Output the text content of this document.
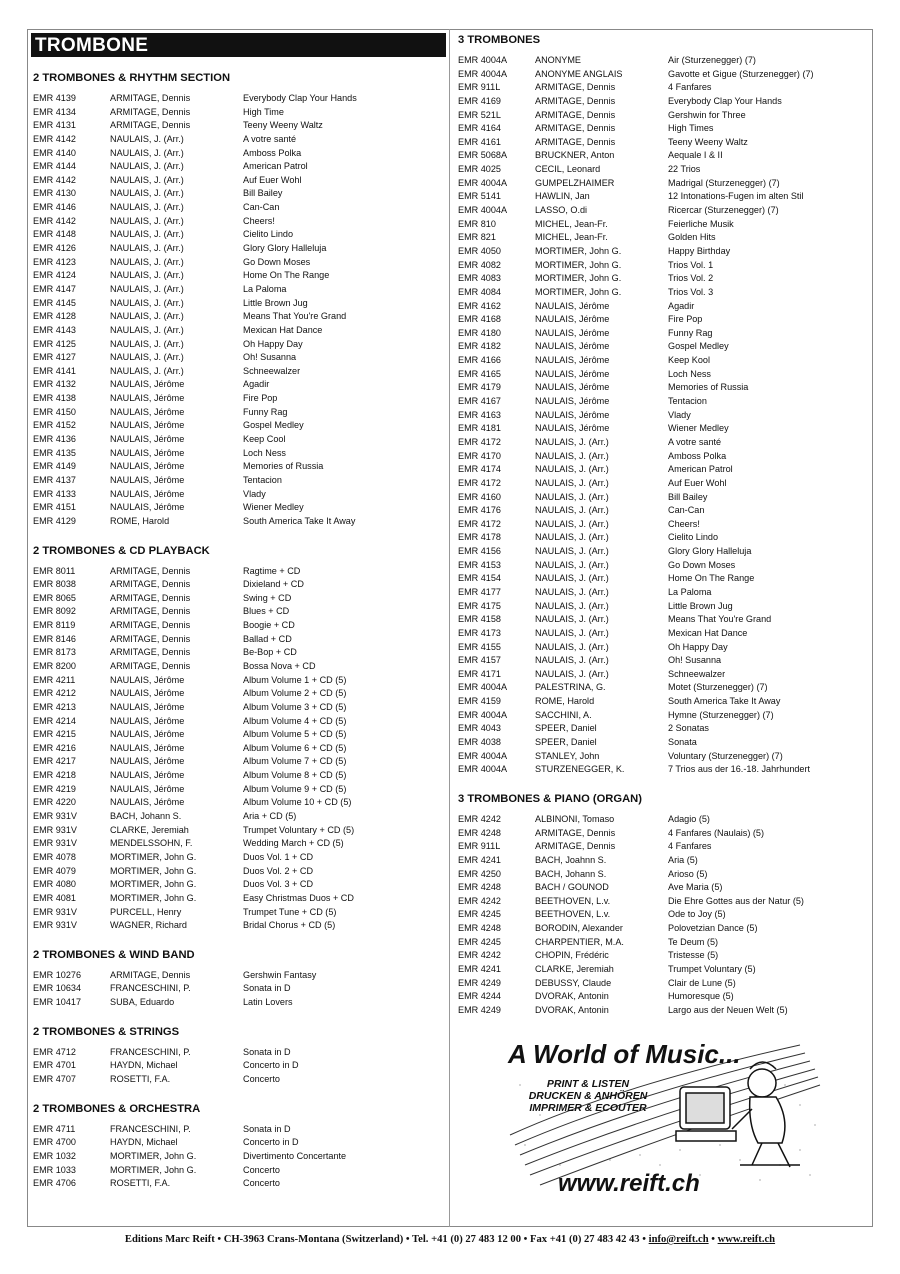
TROMBONE
2 TROMBONES & RHYTHM SECTION
EMR 4139	ARMITAGE, Dennis	Everybody Clap Your Hands
EMR 4134	ARMITAGE, Dennis	High Time
EMR 4131	ARMITAGE, Dennis	Teeny Weeny Waltz
EMR 4142	NAULAIS, J. (Arr.)	A votre santé
EMR 4140	NAULAIS, J. (Arr.)	Amboss Polka
EMR 4144	NAULAIS, J. (Arr.)	American Patrol
EMR 4142	NAULAIS, J. (Arr.)	Auf Euer Wohl
EMR 4130	NAULAIS, J. (Arr.)	Bill Bailey
EMR 4146	NAULAIS, J. (Arr.)	Can-Can
EMR 4142	NAULAIS, J. (Arr.)	Cheers!
EMR 4148	NAULAIS, J. (Arr.)	Cielito Lindo
EMR 4126	NAULAIS, J. (Arr.)	Glory Glory Halleluja
EMR 4123	NAULAIS, J. (Arr.)	Go Down Moses
EMR 4124	NAULAIS, J. (Arr.)	Home On The Range
EMR 4147	NAULAIS, J. (Arr.)	La Paloma
EMR 4145	NAULAIS, J. (Arr.)	Little Brown Jug
EMR 4128	NAULAIS, J. (Arr.)	Means That You're Grand
EMR 4143	NAULAIS, J. (Arr.)	Mexican Hat Dance
EMR 4125	NAULAIS, J. (Arr.)	Oh Happy Day
EMR 4127	NAULAIS, J. (Arr.)	Oh! Susanna
EMR 4141	NAULAIS, J. (Arr.)	Schneewalzer
EMR 4132	NAULAIS, Jérôme	Agadir
EMR 4138	NAULAIS, Jérôme	Fire Pop
EMR 4150	NAULAIS, Jérôme	Funny Rag
EMR 4152	NAULAIS, Jérôme	Gospel Medley
EMR 4136	NAULAIS, Jérôme	Keep Cool
EMR 4135	NAULAIS, Jérôme	Loch Ness
EMR 4149	NAULAIS, Jérôme	Memories of Russia
EMR 4137	NAULAIS, Jérôme	Tentacion
EMR 4133	NAULAIS, Jérôme	Vlady
EMR 4151	NAULAIS, Jérôme	Wiener Medley
EMR 4129	ROME, Harold	South America Take It Away
2 TROMBONES & CD PLAYBACK
EMR 8011	ARMITAGE, Dennis	Ragtime + CD
EMR 8038	ARMITAGE, Dennis	Dixieland + CD
EMR 8065	ARMITAGE, Dennis	Swing + CD
EMR 8092	ARMITAGE, Dennis	Blues + CD
EMR 8119	ARMITAGE, Dennis	Boogie + CD
EMR 8146	ARMITAGE, Dennis	Ballad + CD
EMR 8173	ARMITAGE, Dennis	Be-Bop + CD
EMR 8200	ARMITAGE, Dennis	Bossa Nova + CD
EMR 4211	NAULAIS, Jérôme	Album Volume 1 + CD (5)
EMR 4212	NAULAIS, Jérôme	Album Volume 2 + CD (5)
EMR 4213	NAULAIS, Jérôme	Album Volume 3 + CD (5)
EMR 4214	NAULAIS, Jérôme	Album Volume 4 + CD (5)
EMR 4215	NAULAIS, Jérôme	Album Volume 5 + CD (5)
EMR 4216	NAULAIS, Jérôme	Album Volume 6 + CD (5)
EMR 4217	NAULAIS, Jérôme	Album Volume 7 + CD (5)
EMR 4218	NAULAIS, Jérôme	Album Volume 8 + CD (5)
EMR 4219	NAULAIS, Jérôme	Album Volume 9 + CD (5)
EMR 4220	NAULAIS, Jérôme	Album Volume 10 + CD (5)
EMR 931V	BACH, Johann S.	Aria + CD (5)
EMR 931V	CLARKE, Jeremiah	Trumpet Voluntary + CD (5)
EMR 931V	MENDELSSOHN, F.	Wedding March + CD (5)
EMR 4078	MORTIMER, John G.	Duos Vol. 1 + CD
EMR 4079	MORTIMER, John G.	Duos Vol. 2 + CD
EMR 4080	MORTIMER, John G.	Duos Vol. 3 + CD
EMR 4081	MORTIMER, John G.	Easy Christmas Duos + CD
EMR 931V	PURCELL, Henry	Trumpet Tune + CD (5)
EMR 931V	WAGNER, Richard	Bridal Chorus + CD (5)
2 TROMBONES & WIND BAND
EMR 10276	ARMITAGE, Dennis	Gershwin Fantasy
EMR 10634	FRANCESCHINI, P.	Sonata in D
EMR 10417	SUBA, Eduardo	Latin Lovers
2 TROMBONES & STRINGS
EMR 4712	FRANCESCHINI, P.	Sonata in D
EMR 4701	HAYDN, Michael	Concerto in D
EMR 4707	ROSETTI, F.A.	Concerto
2 TROMBONES & ORCHESTRA
EMR 4711	FRANCESCHINI, P.	Sonata in D
EMR 4700	HAYDN, Michael	Concerto in D
EMR 1032	MORTIMER, John G.	Divertimento Concertante
EMR 1033	MORTIMER, John G.	Concerto
EMR 4706	ROSETTI, F.A.	Concerto
3 TROMBONES
EMR 4004A	ANONYME	Air (Sturzenegger) (7)
EMR 4004A	ANONYME ANGLAIS	Gavotte et Gigue (Sturzenegger) (7)
EMR 911L	ARMITAGE, Dennis	4 Fanfares
EMR 4169	ARMITAGE, Dennis	Everybody Clap Your Hands
EMR 521L	ARMITAGE, Dennis	Gershwin for Three
EMR 4164	ARMITAGE, Dennis	High Times
EMR 4161	ARMITAGE, Dennis	Teeny Weeny Waltz
EMR 5068A	BRUCKNER, Anton	Aequale I & II
EMR 4025	CECIL, Leonard	22 Trios
EMR 4004A	GUMPELZHAIMER	Madrigal (Sturzenegger) (7)
EMR 5141	HAWLIN, Jan	12 Intonations-Fugen im alten Stil
EMR 4004A	LASSO, O.di	Ricercar (Sturzenegger) (7)
EMR 810	MICHEL, Jean-Fr.	Feierliche Musik
EMR 821	MICHEL, Jean-Fr.	Golden Hits
EMR 4050	MORTIMER, John G.	Happy Birthday
EMR 4082	MORTIMER, John G.	Trios Vol. 1
EMR 4083	MORTIMER, John G.	Trios Vol. 2
EMR 4084	MORTIMER, John G.	Trios Vol. 3
EMR 4162	NAULAIS, Jérôme	Agadir
EMR 4168	NAULAIS, Jérôme	Fire Pop
EMR 4180	NAULAIS, Jérôme	Funny Rag
EMR 4182	NAULAIS, Jérôme	Gospel Medley
EMR 4166	NAULAIS, Jérôme	Keep Kool
EMR 4165	NAULAIS, Jérôme	Loch Ness
EMR 4179	NAULAIS, Jérôme	Memories of Russia
EMR 4167	NAULAIS, Jérôme	Tentacion
EMR 4163	NAULAIS, Jérôme	Vlady
EMR 4181	NAULAIS, Jérôme	Wiener Medley
EMR 4172	NAULAIS, J. (Arr.)	A votre santé
EMR 4170	NAULAIS, J. (Arr.)	Amboss Polka
EMR 4174	NAULAIS, J. (Arr.)	American Patrol
EMR 4172	NAULAIS, J. (Arr.)	Auf Euer Wohl
EMR 4160	NAULAIS, J. (Arr.)	Bill Bailey
EMR 4176	NAULAIS, J. (Arr.)	Can-Can
EMR 4172	NAULAIS, J. (Arr.)	Cheers!
EMR 4178	NAULAIS, J. (Arr.)	Cielito Lindo
EMR 4156	NAULAIS, J. (Arr.)	Glory Glory Halleluja
EMR 4153	NAULAIS, J. (Arr.)	Go Down Moses
EMR 4154	NAULAIS, J. (Arr.)	Home On The Range
EMR 4177	NAULAIS, J. (Arr.)	La Paloma
EMR 4175	NAULAIS, J. (Arr.)	Little Brown Jug
EMR 4158	NAULAIS, J. (Arr.)	Means That You're Grand
EMR 4173	NAULAIS, J. (Arr.)	Mexican Hat Dance
EMR 4155	NAULAIS, J. (Arr.)	Oh Happy Day
EMR 4157	NAULAIS, J. (Arr.)	Oh! Susanna
EMR 4171	NAULAIS, J. (Arr.)	Schneewalzer
EMR 4004A	PALESTRINA, G.	Motet (Sturzenegger) (7)
EMR 4159	ROME, Harold	South America Take It Away
EMR 4004A	SACCHINI, A.	Hymne (Sturzenegger) (7)
EMR 4043	SPEER, Daniel	2 Sonatas
EMR 4038	SPEER, Daniel	Sonata
EMR 4004A	STANLEY, John	Voluntary (Sturzenegger) (7)
EMR 4004A	STURZENEGGER, K.	7 Trios aus der 16.-18. Jahrhundert
3 TROMBONES & PIANO (ORGAN)
EMR 4242	ALBINONI, Tomaso	Adagio (5)
EMR 4248	ARMITAGE, Dennis	4 Fanfares (Naulais) (5)
EMR 911L	ARMITAGE, Dennis	4 Fanfares
EMR 4241	BACH, Joahnn S.	Aria (5)
EMR 4250	BACH, Johann S.	Arioso (5)
EMR 4248	BACH / GOUNOD	Ave Maria (5)
EMR 4242	BEETHOVEN, L.v.	Die Ehre Gottes aus der Natur (5)
EMR 4245	BEETHOVEN, L.v.	Ode to Joy (5)
EMR 4248	BORODIN, Alexander	Polovetzian Dance (5)
EMR 4245	CHARPENTIER, M.A.	Te Deum (5)
EMR 4242	CHOPIN, Frédéric	Tristesse (5)
EMR 4241	CLARKE, Jeremiah	Trumpet Voluntary (5)
EMR 4249	DEBUSSY, Claude	Clair de Lune (5)
EMR 4244	DVORAK, Antonin	Humoresque (5)
EMR 4249	DVORAK, Antonin	Largo aus der Neuen Welt (5)
A World of Music...
PRINT & LISTEN
DRUCKEN & ANHÖREN
IMPRIMER & ECOUTER
www.reift.ch
Editions Marc Reift • CH-3963 Crans-Montana (Switzerland) • Tel. +41 (0) 27 483 12 00 • Fax +41 (0) 27 483 42 43 • info@reift.ch • www.reift.ch
